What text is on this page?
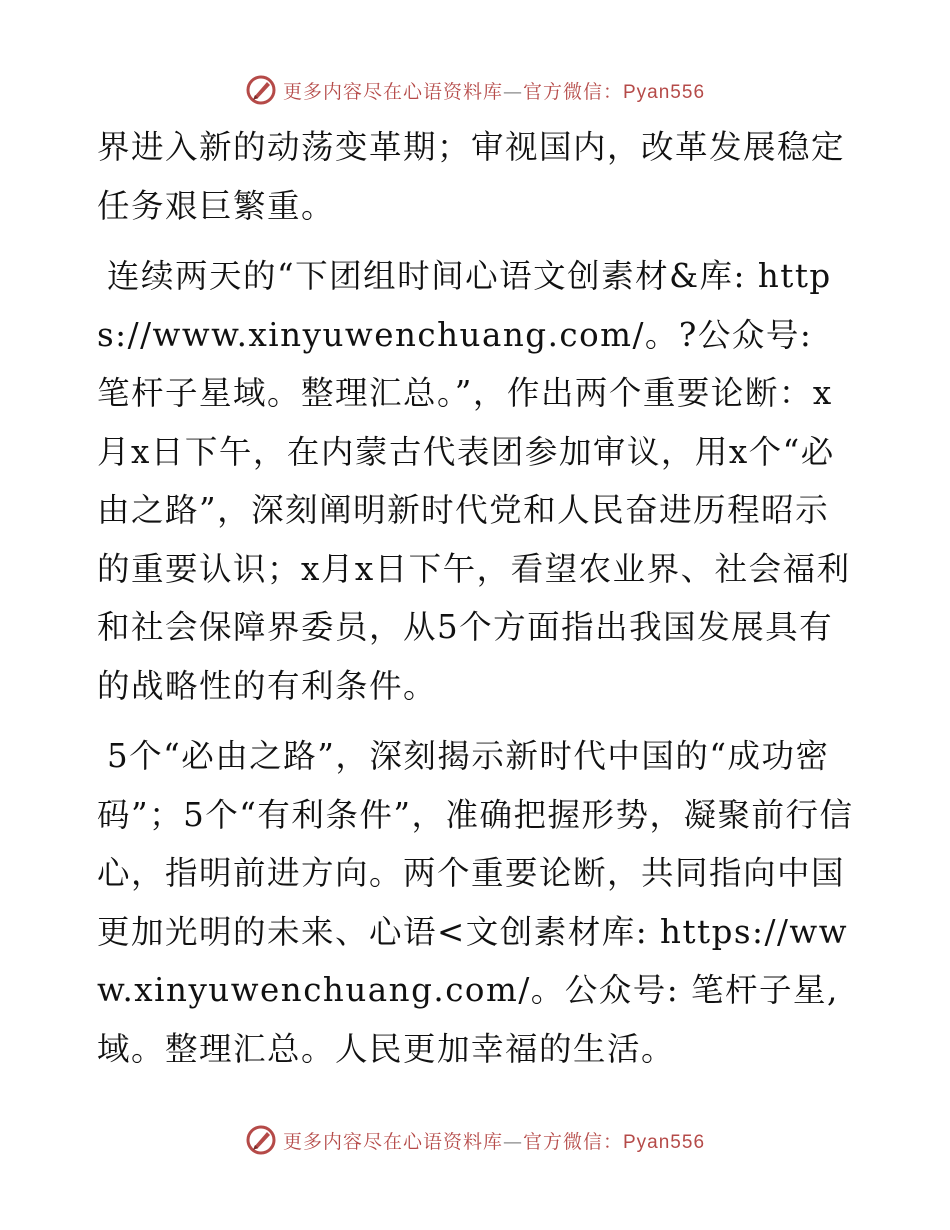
更多内容尽在心语资料库—官方微信：Pyan556

界进入新的动荡变革期；审视国内，改革发展稳定任务艰巨繁重。

连续两天的“下团组时间心语文创素材&库: https://www.xinyuwenchuang.com/。?公众号: 笔杆子星域。整理汇总。”，作出两个重要论断：x月x日下午，在内蒙古代表团参加审议，用x个“必由之路”，深刻阐明新时代党和人民奋进历程昭示的重要认识；x月x日下午，看望农业界、社会福利和社会保障界委员，从5个方面指出我国发展具有的战略性的有利条件。

5个“必由之路”，深刻揭示新时代中国的“成功密码”；5个“有利条件”，准确把握形势，凝聚前行信心，指明前进方向。两个重要论断，共同指向中国更加光明的未来、心语<文创素材库: https://www.xinyuwenchuang.com/。公众号: 笔杆子星,域。整理汇总。人民更加幸福的生活。

更多内容尽在心语资料库—官方微信：Pyan556
